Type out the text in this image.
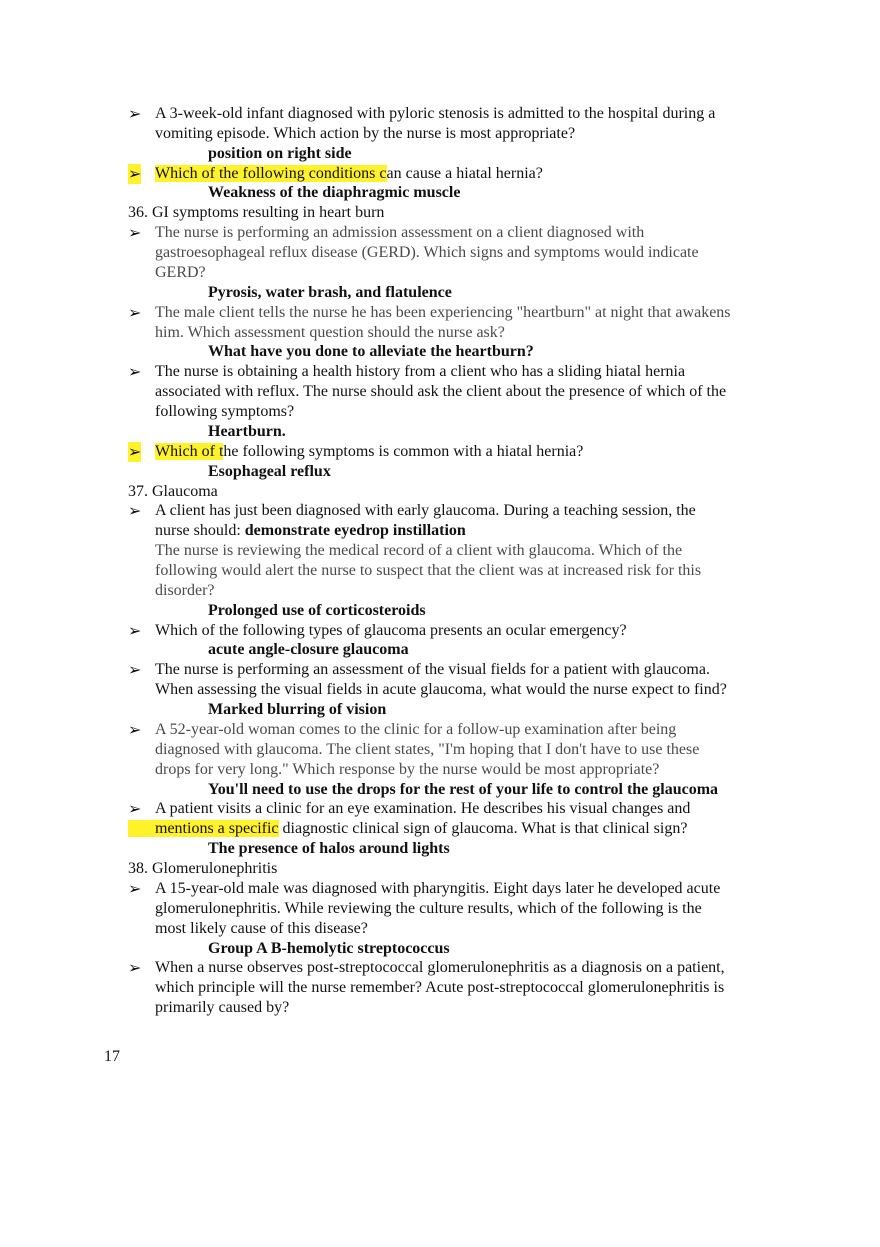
➢ A 3-week-old infant diagnosed with pyloric stenosis is admitted to the hospital during a
vomiting episode. Which action by the nurse is most appropriate?
position on right side
➢ Which of the following conditions can cause a hiatal hernia?
Weakness of the diaphragmic muscle
36. GI symptoms resulting in heart burn
➢ The nurse is performing an admission assessment on a client diagnosed with
gastroesophageal reflux disease (GERD). Which signs and symptoms would indicate
GERD?
Pyrosis, water brash, and flatulence
➢ The male client tells the nurse he has been experiencing "heartburn" at night that awakens
him. Which assessment question should the nurse ask?
What have you done to alleviate the heartburn?
➢ The nurse is obtaining a health history from a client who has a sliding hiatal hernia
associated with reflux. The nurse should ask the client about the presence of which of the
following symptoms?
Heartburn.
➢ Which of the following symptoms is common with a hiatal hernia?
Esophageal reflux
37. Glaucoma
➢ A client has just been diagnosed with early glaucoma. During a teaching session, the
nurse should: demonstrate eyedrop instillation
The nurse is reviewing the medical record of a client with glaucoma. Which of the
following would alert the nurse to suspect that the client was at increased risk for this
disorder?
Prolonged use of corticosteroids
➢ Which of the following types of glaucoma presents an ocular emergency?
acute angle-closure glaucoma
➢ The nurse is performing an assessment of the visual fields for a patient with glaucoma.
When assessing the visual fields in acute glaucoma, what would the nurse expect to find?
Marked blurring of vision
➢ A 52-year-old woman comes to the clinic for a follow-up examination after being
diagnosed with glaucoma. The client states, "I'm hoping that I don't have to use these
drops for very long." Which response by the nurse would be most appropriate?
You'll need to use the drops for the rest of your life to control the glaucoma
➢ A patient visits a clinic for an eye examination. He describes his visual changes and
mentions a specific diagnostic clinical sign of glaucoma. What is that clinical sign?
The presence of halos around lights
38. Glomerulonephritis
➢ A 15-year-old male was diagnosed with pharyngitis. Eight days later he developed acute
glomerulonephritis. While reviewing the culture results, which of the following is the
most likely cause of this disease?
Group A B-hemolytic streptococcus
➢ When a nurse observes post-streptococcal glomerulonephritis as a diagnosis on a patient,
which principle will the nurse remember? Acute post-streptococcal glomerulonephritis is
primarily caused by?
17
